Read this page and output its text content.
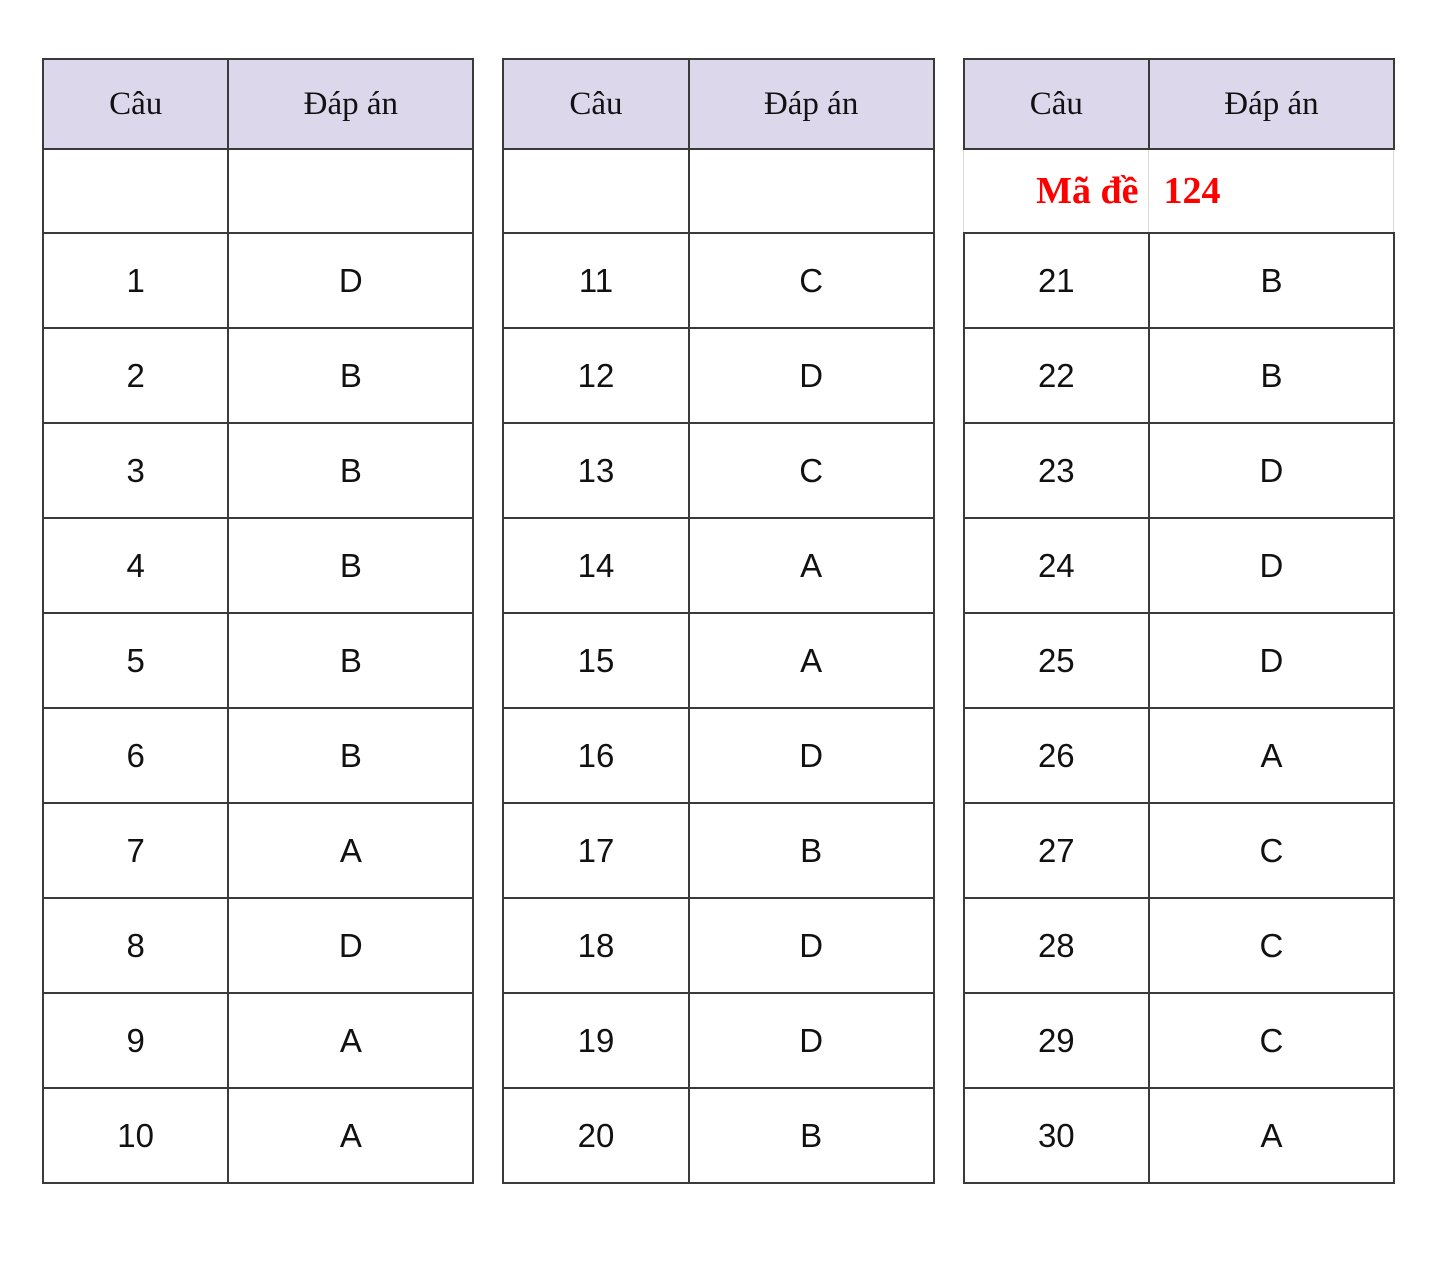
Câu	Đáp án
1	D
2	B
3	B
4	B
5	B
6	B
7	A
8	D
9	A
10	A

Câu	Đáp án
11	C
12	D
13	C
14	A
15	A
16	D
17	B
18	D
19	D
20	B
Mã đề	124
Câu	Đáp án
21	B
22	B
23	D
24	D
25	D
26	A
27	C
28	C
29	C
30	A
